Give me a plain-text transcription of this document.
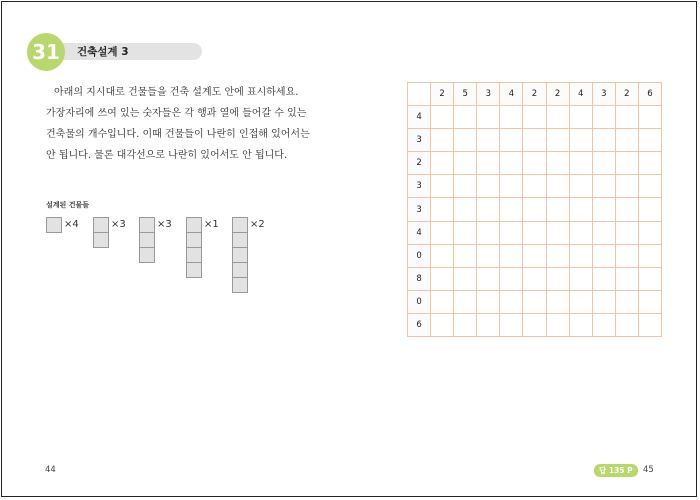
31	건축설계 3
아래의 지시대로 건물들을 건축 설계도 안에 표시하세요. 가장자리에 쓰여 있는 숫자들은 각 행과 열에 들어갈 수 있는 건축물의 개수입니다. 이때 건물들이 나란히 인접해 있어서는 안 됩니다. 물론 대각선으로 나란히 있어서도 안 됩니다.
설계된 건물들
×4	×3	×3	×1	×2
	2	5	3	4	2	2	4	3	2	6
4										
3										
2										
3										
3										
4										
0										
8										
0										
6										
44	답 135 P	45
